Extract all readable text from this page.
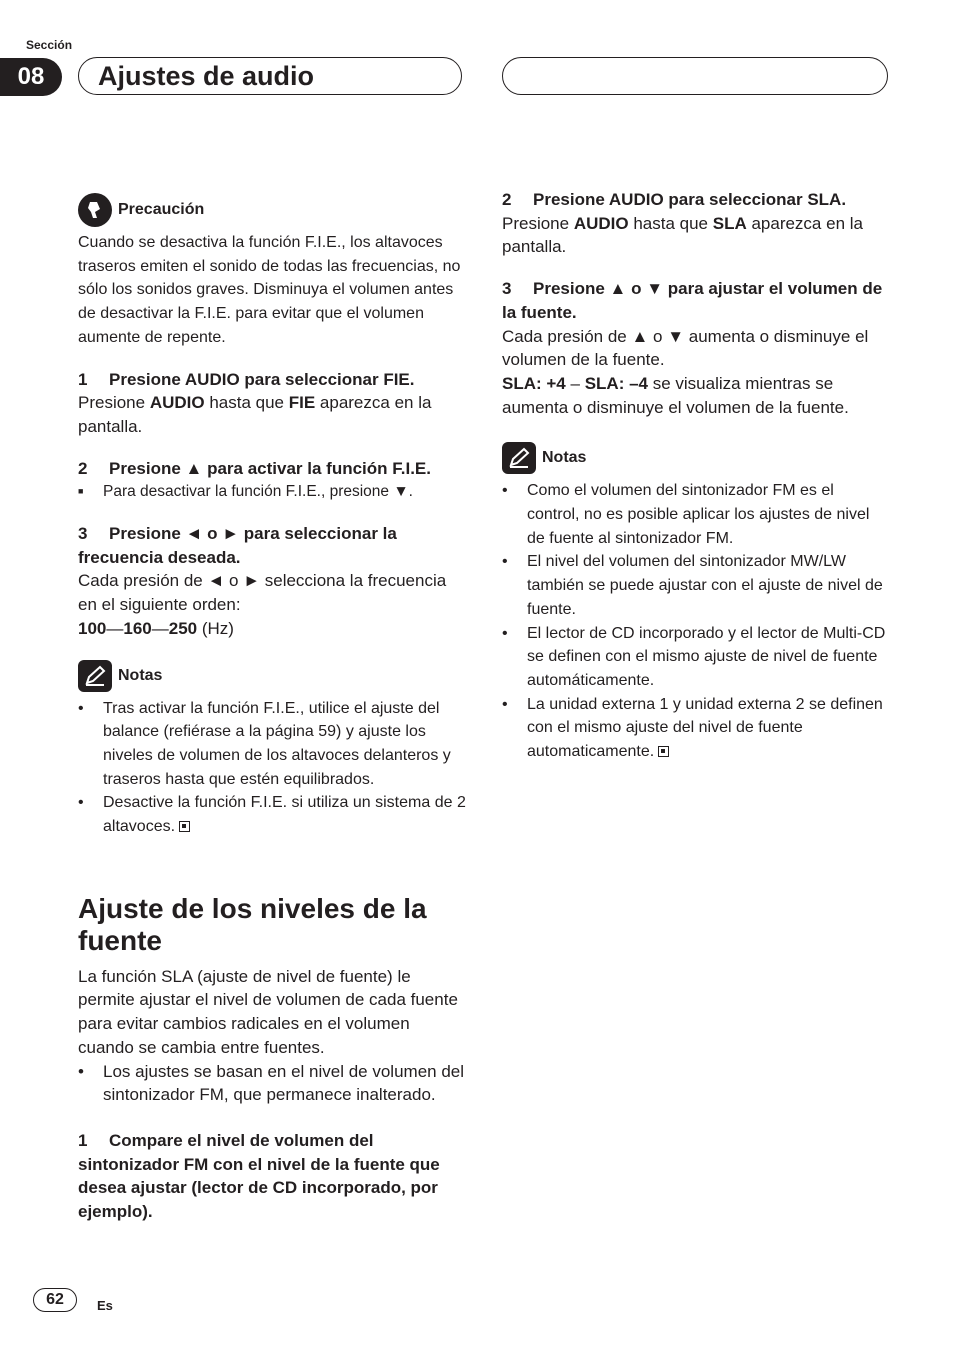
Sección
08	Ajustes de audio
Precaución

Cuando se desactiva la función F.I.E., los altavoces traseros emiten el sonido de todas las frecuencias, no sólo los sonidos graves. Disminuya el volumen antes de desactivar la F.I.E. para evitar que el volumen aumente de repente.

1 Presione AUDIO para seleccionar FIE.

Presione AUDIO hasta que FIE aparezca en la pantalla.

2 Presione ▲ para activar la función F.I.E.

■ Para desactivar la función F.I.E., presione ▼.

3 Presione ◄ o ► para seleccionar la frecuencia deseada.

Cada presión de ◄ o ► selecciona la frecuencia en el siguiente orden:

100—160—250 (Hz)

Notas
• Tras activar la función F.I.E., utilice el ajuste del balance (refiérase a la página 59) y ajuste los niveles de volumen de los altavoces delanteros y traseros hasta que estén equilibrados.
• Desactive la función F.I.E. si utiliza un sistema de 2 altavoces.
Ajuste de los niveles de la fuente

La función SLA (ajuste de nivel de fuente) le permite ajustar el nivel de volumen de cada fuente para evitar cambios radicales en el volumen cuando se cambia entre fuentes.

• Los ajustes se basan en el nivel de volumen del sintonizador FM, que permanece inalterado.

1 Compare el nivel de volumen del sintonizador FM con el nivel de la fuente que desea ajustar (lector de CD incorporado, por ejemplo).

2 Presione AUDIO para seleccionar SLA.

Presione AUDIO hasta que SLA aparezca en la pantalla.

3 Presione ▲ o ▼ para ajustar el volumen de la fuente.

Cada presión de ▲ o ▼ aumenta o disminuye el volumen de la fuente.

SLA: +4 – SLA: –4 se visualiza mientras se aumenta o disminuye el volumen de la fuente.

Notas
• Como el volumen del sintonizador FM es el control, no es posible aplicar los ajustes de nivel de fuente al sintonizador FM.
• El nivel del volumen del sintonizador MW/LW también se puede ajustar con el ajuste de nivel de fuente.
• El lector de CD incorporado y el lector de Multi-CD se definen con el mismo ajuste de nivel de fuente automáticamente.
• La unidad externa 1 y unidad externa 2 se definen con el mismo ajuste del nivel de fuente automaticamente.
62	Es
